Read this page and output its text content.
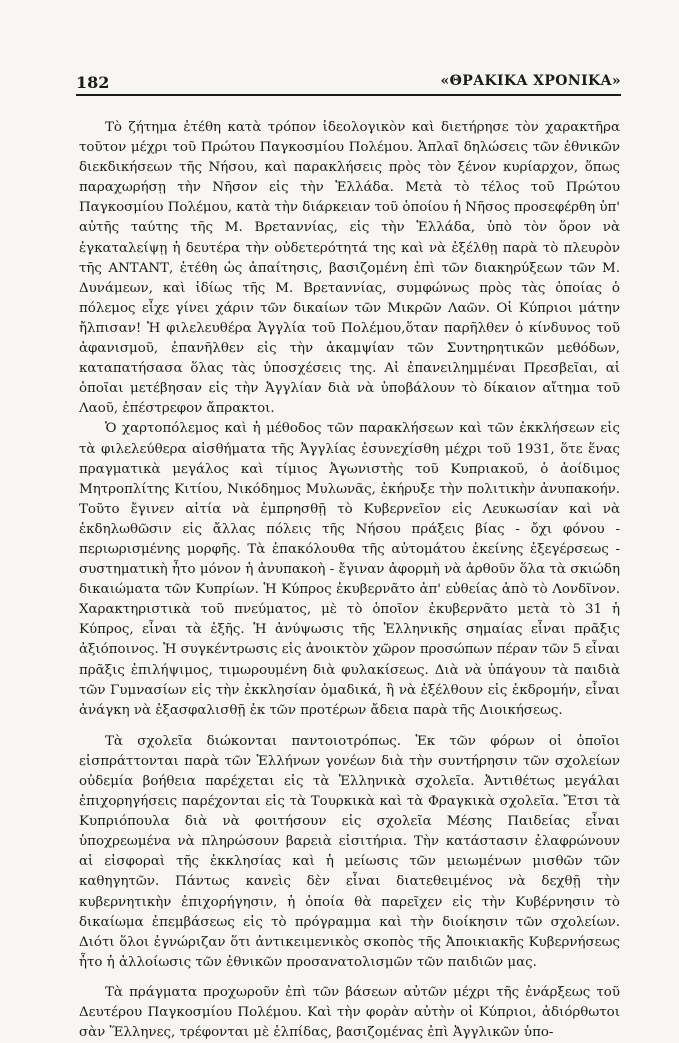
182	«ΘΡΑΚΙΚΑ ΧΡΟΝΙΚΑ»

Τὸ ζήτημα ἐτέθη κατὰ τρόπον ἰδεολογικὸν καὶ διετήρησε τὸν χαρακτῆρα τοῦτον μέχρι τοῦ Πρώτου Παγκοσμίου Πολέμου. Ἁπλαῖ δηλώσεις τῶν ἐθνικῶν διεκδικήσεων τῆς Νήσου, καὶ παρακλήσεις πρὸς τὸν ξένον κυρίαρχον, ὅπως παραχωρήσῃ τὴν Νῆσον εἰς τὴν Ἑλλάδα. Μετὰ τὸ τέλος τοῦ Πρώτου Παγκοσμίου Πολέμου, κατὰ τὴν διάρκειαν τοῦ ὁποίου ἡ Νῆσος προσεφέρθη ὑπ' αὐτῆς ταύτης τῆς Μ. Βρεταννίας, εἰς τὴν Ἑλλάδα, ὑπὸ τὸν ὅρον νὰ ἐγκαταλείψῃ ἡ δευτέρα τὴν οὐδετερότητά της καὶ νὰ ἐξέλθῃ παρὰ τὸ πλευρὸν τῆς ΑΝΤΑΝΤ, ἐτέθη ὡς ἀπαίτησις, βασιζομένη ἐπὶ τῶν διακηρύξεων τῶν Μ. Δυνάμεων, καὶ ἰδίως τῆς Μ. Βρεταννίας, συμφώνως πρὸς τὰς ὁποίας ὁ πόλεμος εἶχε γίνει χάριν τῶν δικαίων τῶν Μικρῶν Λαῶν. Οἱ Κύπριοι μάτην ἤλπισαν! Ἡ φιλελευθέρα Ἀγγλία τοῦ Πολέμου,ὅταν παρῆλθεν ὁ κίνδυνος τοῦ ἀφανισμοῦ, ἐπανῆλθεν εἰς τὴν ἀκαμψίαν τῶν Συντηρητικῶν μεθόδων, καταπατήσασα ὅλας τὰς ὑποσχέσεις της. Αἱ ἐπανειλημμέναι Πρεσβεῖαι, αἱ ὁποῖαι μετέβησαν εἰς τὴν Ἀγγλίαν διὰ νὰ ὑποβάλουν τὸ δίκαιον αἴτημα τοῦ Λαοῦ, ἐπέστρεφον ἄπρακτοι.

Ὁ χαρτοπόλεμος καὶ ἡ μέθοδος τῶν παρακλήσεων καὶ τῶν ἐκκλήσεων εἰς τὰ φιλελεύθερα αἰσθήματα τῆς Ἀγγλίας ἐσυνεχίσθη μέχρι τοῦ 1931, ὅτε ἕνας πραγματικὰ μεγάλος καὶ τίμιος Ἀγωνιστὴς τοῦ Κυπριακοῦ, ὁ ἀοίδιμος Μητροπλίτης Κιτίου, Νικόδημος Μυλωνᾶς, ἐκήρυξε τὴν πολιτικὴν ἀνυπακοήν. Τοῦτο ἔγινεν αἰτία νὰ ἐμπρησθῇ τὸ Κυβερνεῖον εἰς Λευκωσίαν καὶ νὰ ἐκδηλωθῶσιν εἰς ἄλλας πόλεις τῆς Νήσου πράξεις βίας - ὄχι φόνου - περιωρισμένης μορφῆς. Τὰ ἐπακόλουθα τῆς αὐτομάτου ἐκείνης ἐξεγέρσεως - συστηματικὴ ἦτο μόνον ἡ ἀνυπακοὴ - ἔγιναν ἀφορμὴ νὰ ἀρθοῦν ὅλα τὰ σκιώδη δικαιώματα τῶν Κυπρίων. Ἡ Κύπρος ἐκυβερνᾶτο ἀπ' εὐθείας ἀπὸ τὸ Λονδῖνον. Χαρακτηριστικὰ τοῦ πνεύματος, μὲ τὸ ὁποῖον ἐκυβερνᾶτο μετὰ τὸ 31 ἡ Κύπρος, εἶναι τὰ ἑξῆς. Ἡ ἀνύψωσις τῆς Ἑλληνικῆς σημαίας εἶναι πρᾶξις ἀξιόποινος. Ἡ συγκέντρωσις εἰς ἀνοικτὸν χῶρον προσώπων πέραν τῶν 5 εἶναι πρᾶξις ἐπιλήψιμος, τιμωρουμένη διὰ φυλακίσεως. Διὰ νὰ ὑπάγουν τὰ παιδιὰ τῶν Γυμνασίων εἰς τὴν ἐκκλησίαν ὁμαδικά, ἢ νὰ ἐξέλθουν εἰς ἐκδρομήν, εἶναι ἀνάγκη νὰ ἐξασφαλισθῇ ἐκ τῶν προτέρων ἄδεια παρὰ τῆς Διοικήσεως.

Τὰ σχολεῖα διώκονται παντοιοτρόπως. Ἐκ τῶν φόρων οἱ ὁποῖοι εἰσπράττονται παρὰ τῶν Ἑλλήνων γονέων διὰ τὴν συντήρησιν τῶν σχολείων οὐδεμία βοήθεια παρέχεται εἰς τὰ Ἑλληνικὰ σχολεῖα. Ἀντιθέτως μεγάλαι ἐπιχορηγήσεις παρέχονται εἰς τὰ Τουρκικὰ καὶ τὰ Φραγκικὰ σχολεῖα. Ἔτσι τὰ Κυπριόπουλα διὰ νὰ φοιτήσουν εἰς σχολεῖα Μέσης Παιδείας εἶναι ὑποχρεωμένα νὰ πληρώσουν βαρειὰ εἰσιτήρια. Τὴν κατάστασιν ἐλαφρώνουν αἱ εἰσφοραὶ τῆς ἐκκλησίας καὶ ἡ μείωσις τῶν μειωμένων μισθῶν τῶν καθηγητῶν. Πάντως κανεὶς δὲν εἶναι διατεθειμένος νὰ δεχθῇ τὴν κυβερνητικὴν ἐπιχορήγησιν, ἡ ὁποία θὰ παρεῖχεν εἰς τὴν Κυβέρνησιν τὸ δικαίωμα ἐπεμβάσεως εἰς τὸ πρόγραμμα καὶ τὴν διοίκησιν τῶν σχολείων. Διότι ὅλοι ἐγνώριζαν ὅτι ἀντικειμενικὸς σκοπὸς τῆς Ἀποικιακῆς Κυβερνήσεως ἦτο ἡ ἀλλοίωσις τῶν ἐθνικῶν προσανατολισμῶν τῶν παιδιῶν μας.

Τὰ πράγματα προχωροῦν ἐπὶ τῶν βάσεων αὐτῶν μέχρι τῆς ἐνάρξεως τοῦ Δευτέρου Παγκοσμίου Πολέμου. Καὶ τὴν φορὰν αὐτὴν οἱ Κύπριοι, ἀδιόρθωτοι σὰν Ἕλληνες, τρέφονται μὲ ἐλπίδας, βασιζομένας ἐπὶ Ἀγγλικῶν ὑπο-
